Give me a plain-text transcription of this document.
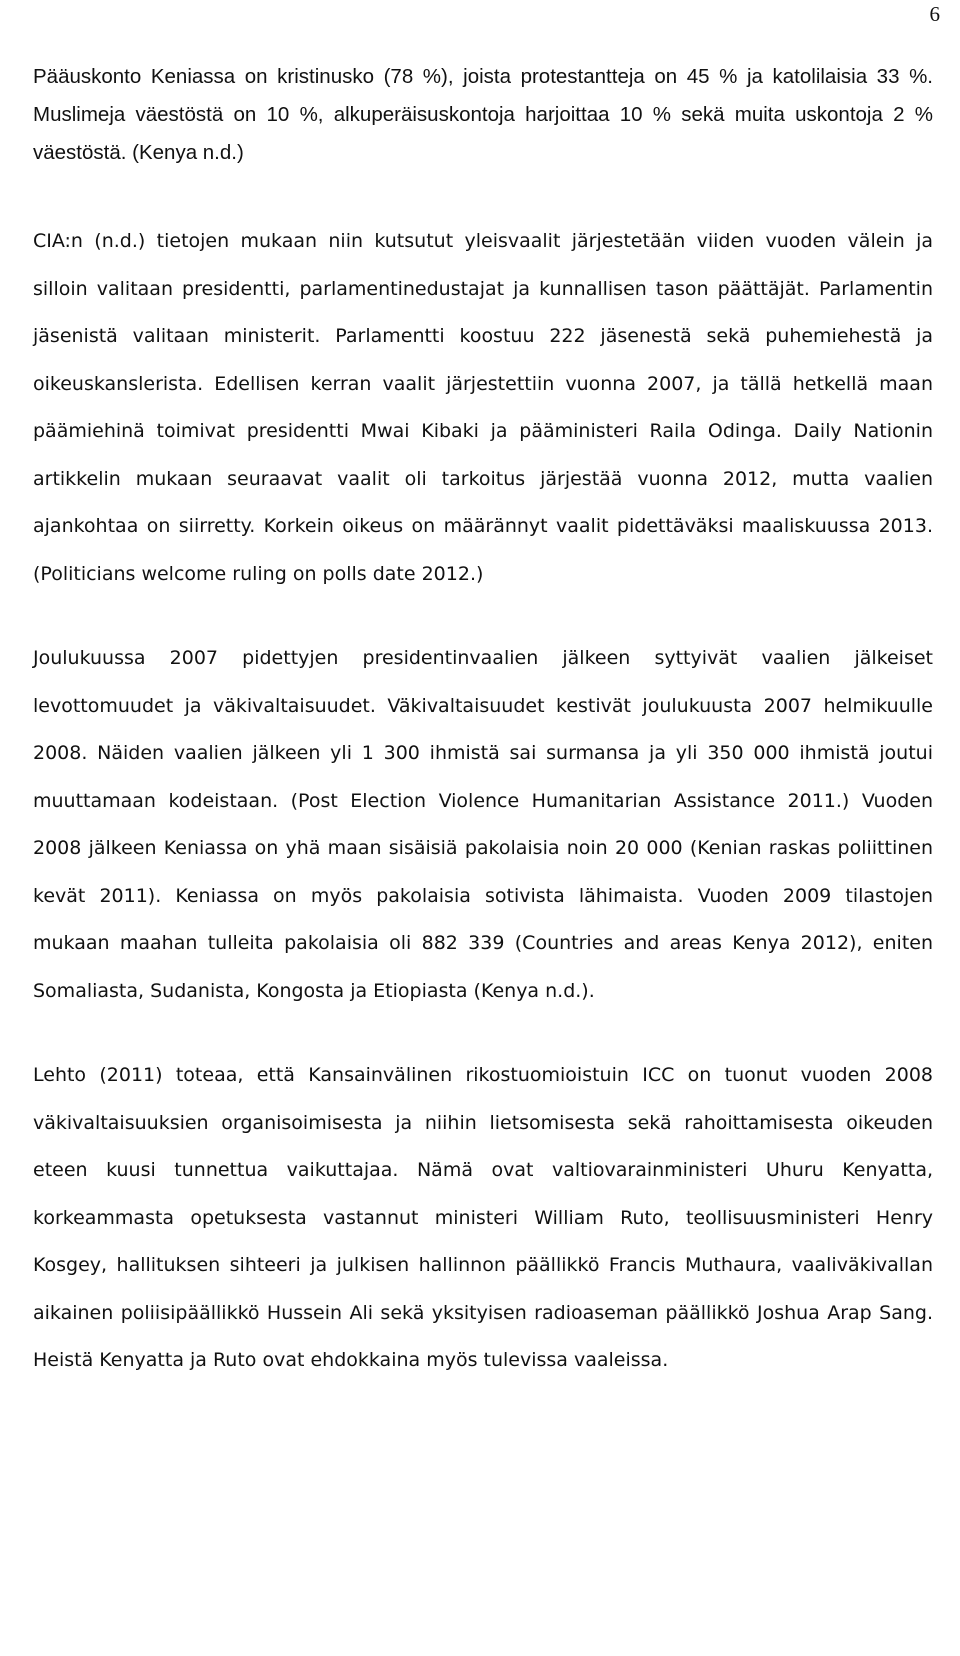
6

Pääuskonto Keniassa on kristinusko (78 %), joista protestantteja on 45 % ja katolilaisia 33 %. Muslimeja väestöstä on 10 %, alkuperäisuskontoja harjoittaa 10 % sekä muita uskontoja 2 % väestöstä. (Kenya n.d.)

CIA:n (n.d.) tietojen mukaan niin kutsutut yleisvaalit järjestetään viiden vuoden välein ja silloin valitaan presidentti, parlamentinedustajat ja kunnallisen tason päättäjät. Parlamentin jäsenistä valitaan ministerit. Parlamentti koostuu 222 jäsenestä sekä puhemiehestä ja oikeuskanslerista. Edellisen kerran vaalit järjestettiin vuonna 2007, ja tällä hetkellä maan päämiehinä toimivat presidentti Mwai Kibaki ja pääministeri Raila Odinga. Daily Nationin artikkelin mukaan seuraavat vaalit oli tarkoitus järjestää vuonna 2012, mutta vaalien ajankohtaa on siirretty. Korkein oikeus on määrännyt vaalit pidettäväksi maaliskuussa 2013. (Politicians welcome ruling on polls date 2012.)

Joulukuussa 2007 pidettyjen presidentinvaalien jälkeen syttyivät vaalien jälkeiset levottomuudet ja väkivaltaisuudet. Väkivaltaisuudet kestivät joulukuusta 2007 helmikuulle 2008. Näiden vaalien jälkeen yli 1 300 ihmistä sai surmansa ja yli 350 000 ihmistä joutui muuttamaan kodeistaan. (Post Election Violence Humanitarian Assistance 2011.) Vuoden 2008 jälkeen Keniassa on yhä maan sisäisiä pakolaisia noin 20 000 (Kenian raskas poliittinen kevät 2011). Keniassa on myös pakolaisia sotivista lähimaista. Vuoden 2009 tilastojen mukaan maahan tulleita pakolaisia oli 882 339 (Countries and areas Kenya 2012), eniten Somaliasta, Sudanista, Kongosta ja Etiopiasta (Kenya n.d.).

Lehto (2011) toteaa, että Kansainvälinen rikostuomioistuin ICC on tuonut vuoden 2008 väkivaltaisuuksien organisoimisesta ja niihin lietsomisesta sekä rahoittamisesta oikeuden eteen kuusi tunnettua vaikuttajaa. Nämä ovat valtiovarainministeri Uhuru Kenyatta, korkeammasta opetuksesta vastannut ministeri William Ruto, teollisuusministeri Henry Kosgey, hallituksen sihteeri ja julkisen hallinnon päällikkö Francis Muthaura, vaaliväkivallan aikainen poliisipäällikkö Hussein Ali sekä yksityisen radioaseman päällikkö Joshua Arap Sang. Heistä Kenyatta ja Ruto ovat ehdokkaina myös tulevissa vaaleissa.
